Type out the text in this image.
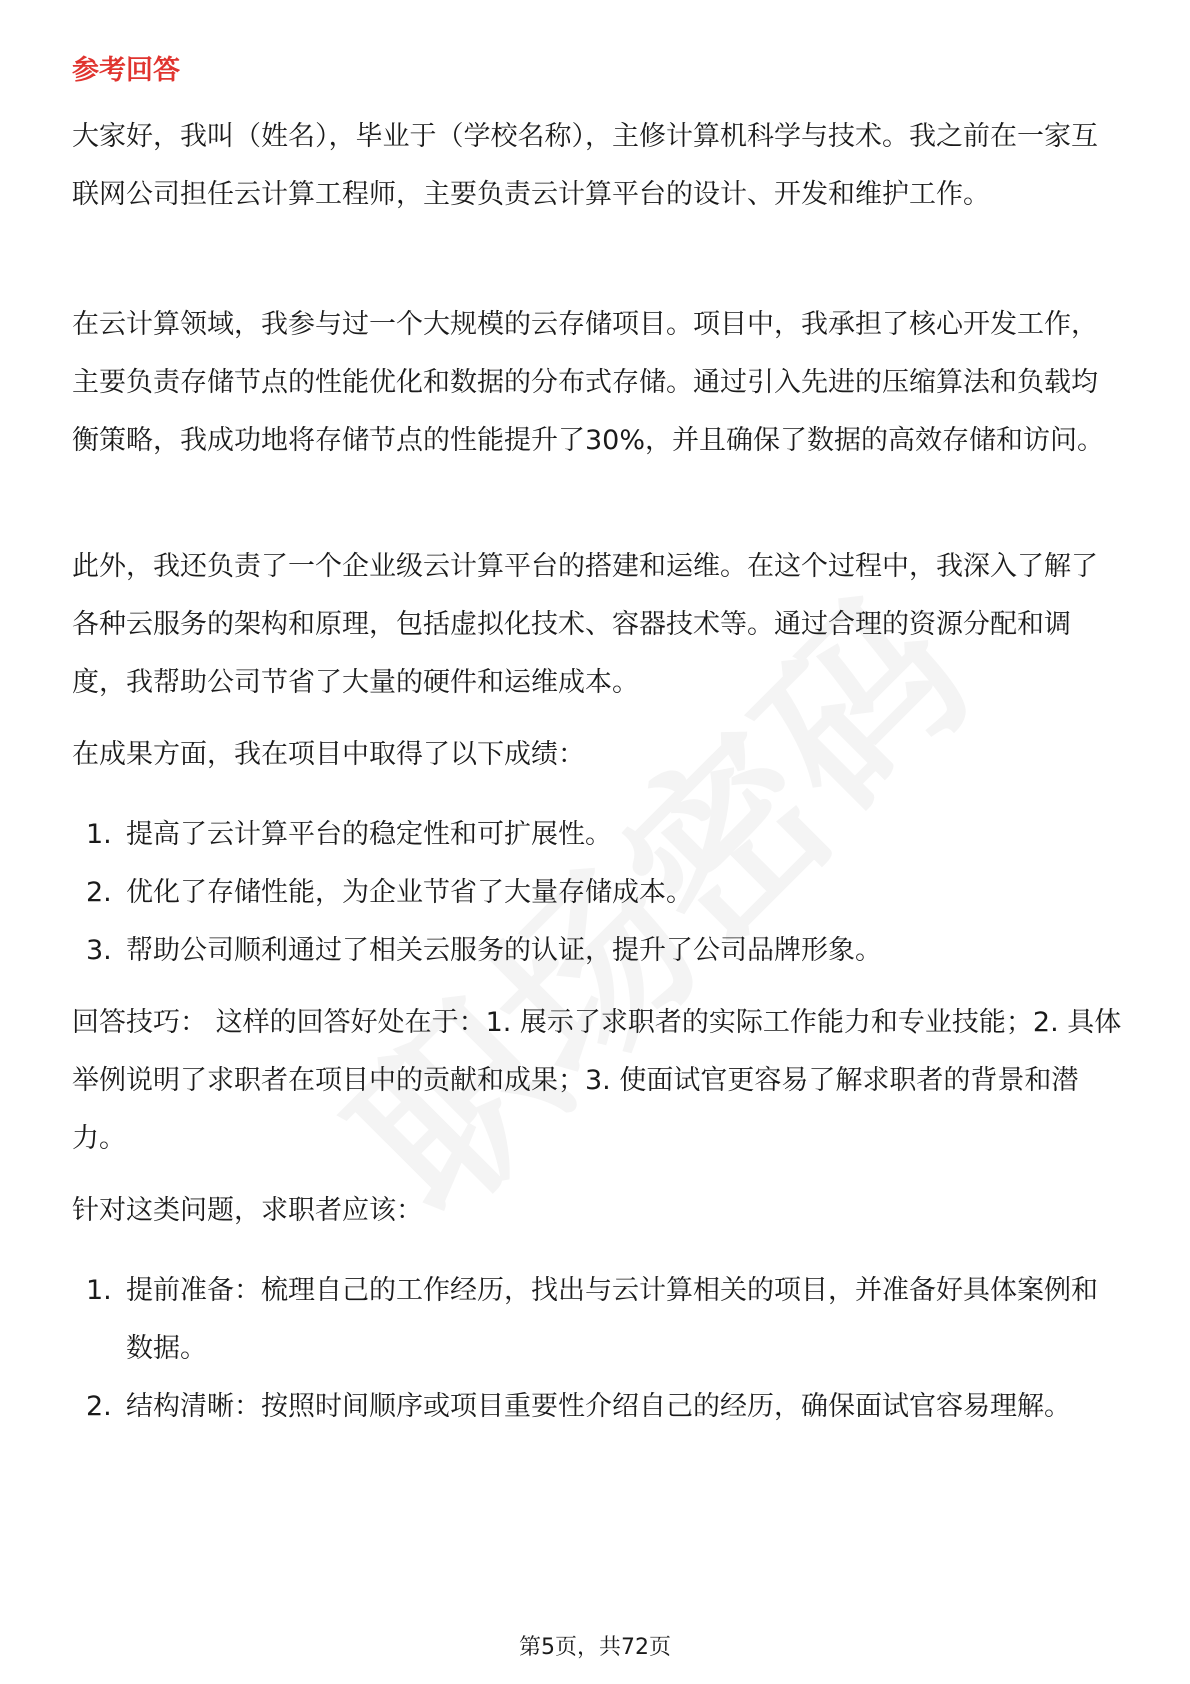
参考回答

大家好，我叫（姓名），毕业于（学校名称），主修计算机科学与技术。我之前在一家互联网公司担任云计算工程师，主要负责云计算平台的设计、开发和维护工作。

在云计算领域，我参与过一个大规模的云存储项目。项目中，我承担了核心开发工作，主要负责存储节点的性能优化和数据的分布式存储。通过引入先进的压缩算法和负载均衡策略，我成功地将存储节点的性能提升了30%，并且确保了数据的高效存储和访问。

此外，我还负责了一个企业级云计算平台的搭建和运维。在这个过程中，我深入了解了各种云服务的架构和原理，包括虚拟化技术、容器技术等。通过合理的资源分配和调度，我帮助公司节省了大量的硬件和运维成本。

在成果方面，我在项目中取得了以下成绩：

1. 提高了云计算平台的稳定性和可扩展性。
2. 优化了存储性能，为企业节省了大量存储成本。
3. 帮助公司顺利通过了相关云服务的认证，提升了公司品牌形象。

回答技巧： 这样的回答好处在于：1. 展示了求职者的实际工作能力和专业技能；2. 具体举例说明了求职者在项目中的贡献和成果；3. 使面试官更容易了解求职者的背景和潜力。

针对这类问题，求职者应该：

1. 提前准备：梳理自己的工作经历，找出与云计算相关的项目，并准备好具体案例和数据。
2. 结构清晰：按照时间顺序或项目重要性介绍自己的经历，确保面试官容易理解。
第5页，共72页
